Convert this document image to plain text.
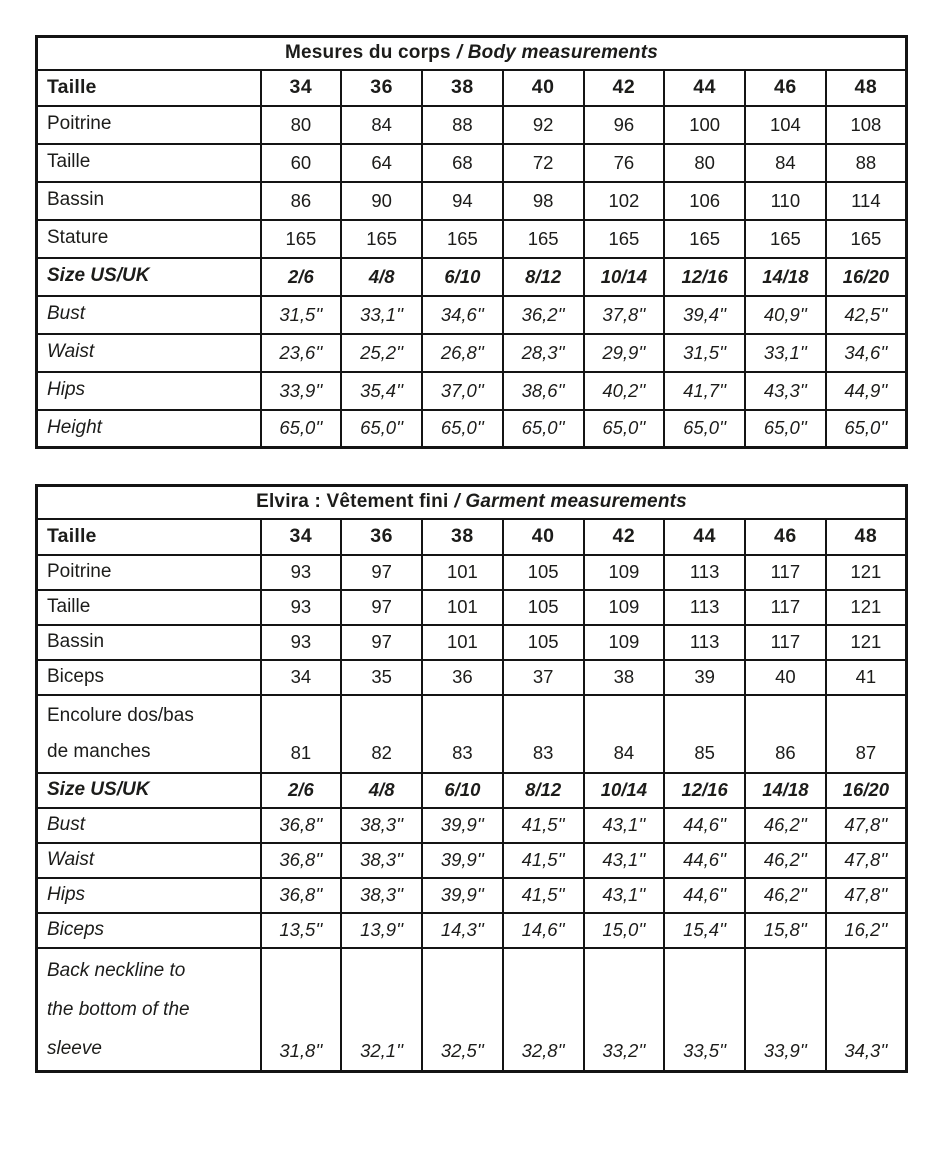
Mesures du corps / Body measurements								
Taille	34	36	38	40	42	44	46	48
Poitrine	80	84	88	92	96	100	104	108
Taille	60	64	68	72	76	80	84	88
Bassin	86	90	94	98	102	106	110	114
Stature	165	165	165	165	165	165	165	165
Size US/UK	2/6	4/8	6/10	8/12	10/14	12/16	14/18	16/20
Bust	31,5''	33,1''	34,6''	36,2''	37,8''	39,4''	40,9''	42,5''
Waist	23,6''	25,2''	26,8''	28,3''	29,9''	31,5''	33,1''	34,6''
Hips	33,9''	35,4''	37,0''	38,6''	40,2''	41,7''	43,3''	44,9''
Height	65,0''	65,0''	65,0''	65,0''	65,0''	65,0''	65,0''	65,0''
Elvira : Vêtement fini / Garment measurements								
Taille	34	36	38	40	42	44	46	48
Poitrine	93	97	101	105	109	113	117	121
Taille	93	97	101	105	109	113	117	121
Bassin	93	97	101	105	109	113	117	121
Biceps	34	35	36	37	38	39	40	41
Encolure dos/bas de manches	81	82	83	83	84	85	86	87
Size US/UK	2/6	4/8	6/10	8/12	10/14	12/16	14/18	16/20
Bust	36,8''	38,3''	39,9''	41,5''	43,1''	44,6''	46,2''	47,8''
Waist	36,8''	38,3''	39,9''	41,5''	43,1''	44,6''	46,2''	47,8''
Hips	36,8''	38,3''	39,9''	41,5''	43,1''	44,6''	46,2''	47,8''
Biceps	13,5''	13,9''	14,3''	14,6''	15,0''	15,4''	15,8''	16,2''
Back neckline to the bottom of the sleeve	31,8''	32,1''	32,5''	32,8''	33,2''	33,5''	33,9''	34,3''
